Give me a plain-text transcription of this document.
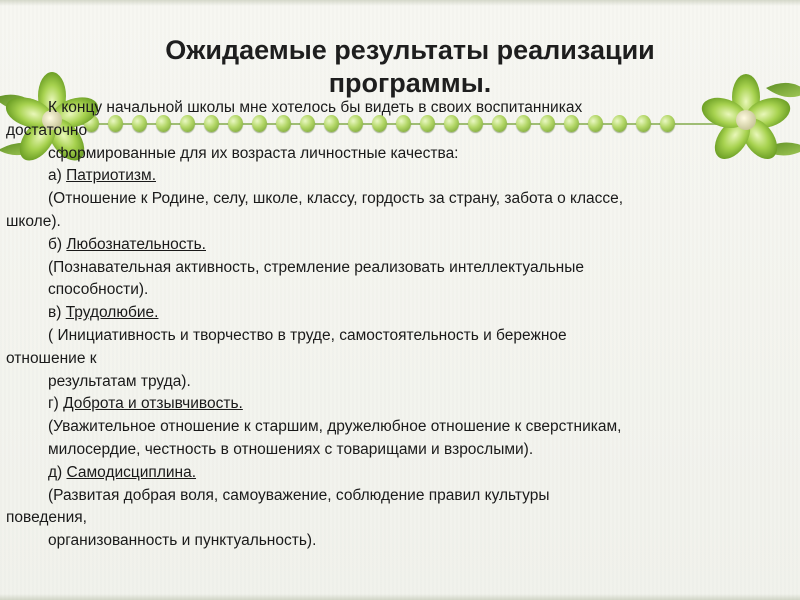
Ожидаемые результаты реализации программы.

К концу начальной школы мне хотелось бы видеть в своих воспитанниках

достаточно

сформированные для их возраста личностные качества:

а) Патриотизм.

(Отношение к Родине, селу, школе, классу, гордость за страну, забота о классе,

школе).

б) Любознательность.

(Познавательная активность, стремление реализовать интеллектуальные

способности).

в) Трудолюбие.

( Инициативность и творчество в труде, самостоятельность и бережное

отношение к

результатам труда).

г) Доброта и отзывчивость.

(Уважительное отношение к старшим, дружелюбное отношение к сверстникам,

милосердие, честность в отношениях с товарищами и взрослыми).

д) Самодисциплина.

(Развитая добрая воля, самоуважение, соблюдение правил культуры

поведения,

организованность и пунктуальность).
